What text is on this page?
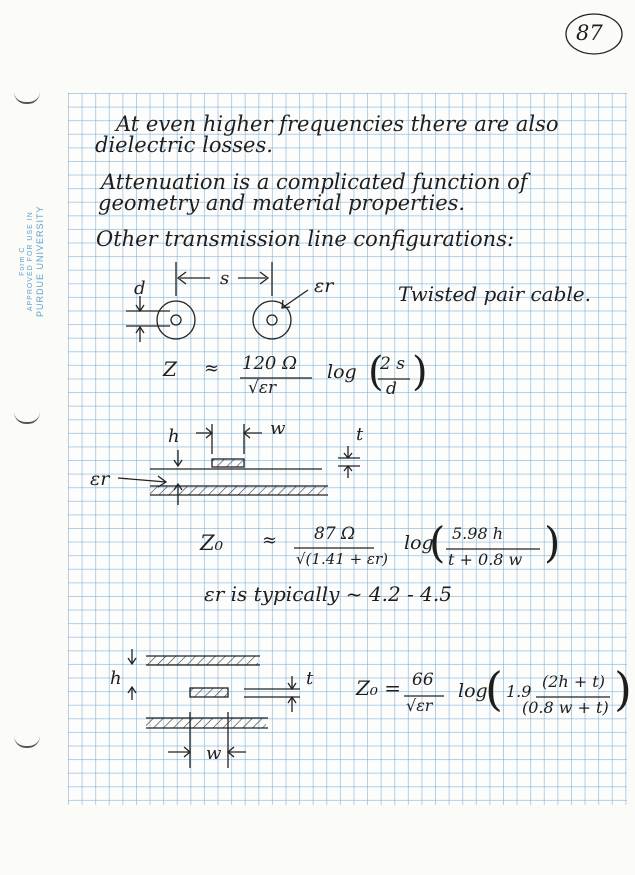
Form C APPROVED FOR USE IN PURDUE UNIVERSITY
87
At even higher frequencies there are also
dielectric losses.
Attenuation is a complicated function of
geometry and material properties.
Other transmission line configurations:
d	s	εr	Twisted pair cable.
Z ≈ 120 Ω
√εr
log (
2 s
d )
h	w	t
εr
Z₀ ≈ 87 Ω
√(1.41 + εr)
log
( 5.98 h
t + 0.8 w )
εr is typically ~ 4.2 - 4.5
h	t
w
Z₀ = 66
√εr
log
( 1.9
(2h + t)
(0.8 w + t) )
